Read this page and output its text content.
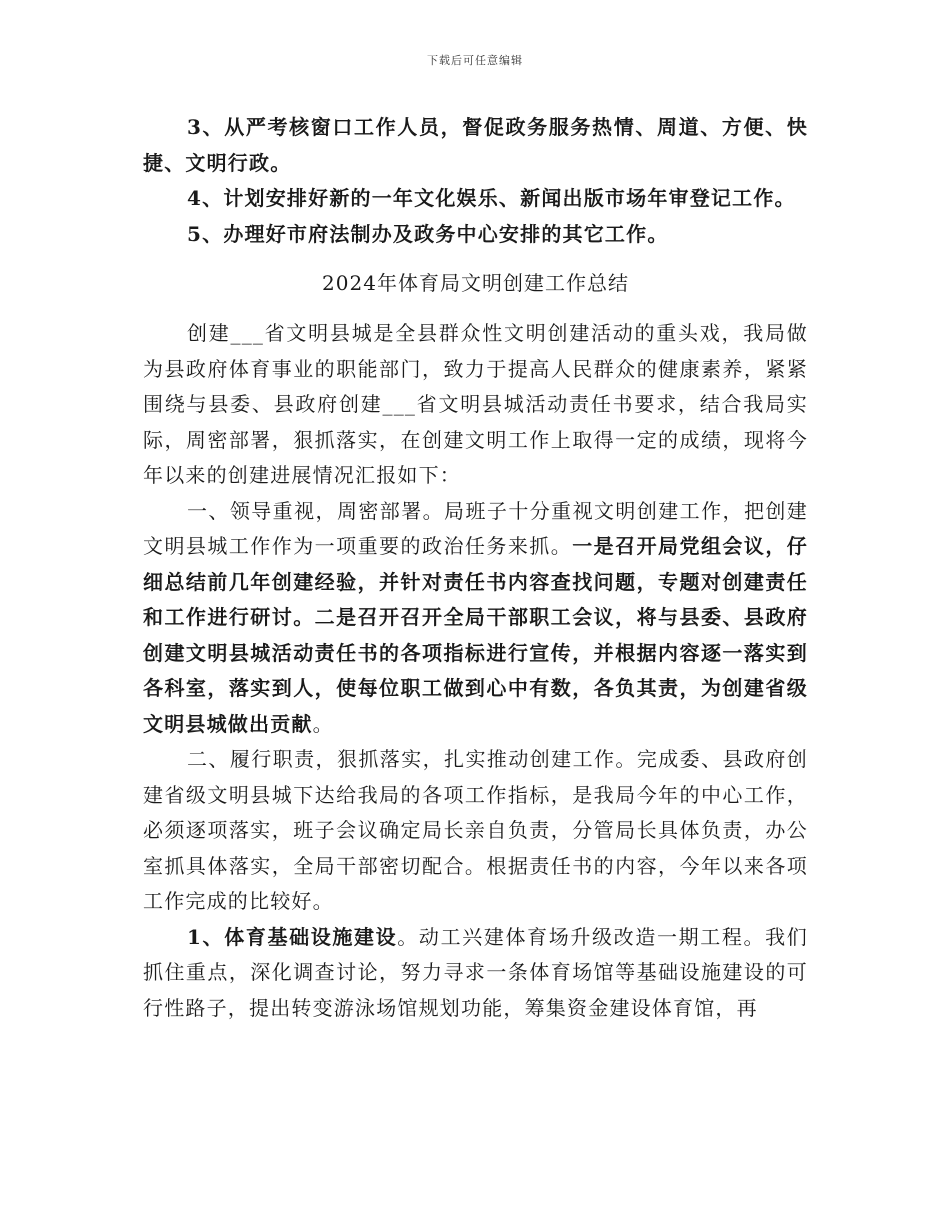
下载后可任意编辑

3、从严考核窗口工作人员，督促政务服务热情、周道、方便、快捷、文明行政。

4、计划安排好新的一年文化娱乐、新闻出版市场年审登记工作。

5、办理好市府法制办及政务中心安排的其它工作。

2024年体育局文明创建工作总结

创建___省文明县城是全县群众性文明创建活动的重头戏，我局做为县政府体育事业的职能部门，致力于提高人民群众的健康素养，紧紧围绕与县委、县政府创建___省文明县城活动责任书要求，结合我局实际，周密部署，狠抓落实，在创建文明工作上取得一定的成绩，现将今年以来的创建进展情况汇报如下：

一、领导重视，周密部署。局班子十分重视文明创建工作，把创建文明县城工作作为一项重要的政治任务来抓。一是召开局党组会议，仔细总结前几年创建经验，并针对责任书内容查找问题，专题对创建责任和工作进行研讨。二是召开召开全局干部职工会议，将与县委、县政府创建文明县城活动责任书的各项指标进行宣传，并根据内容逐一落实到各科室，落实到人，使每位职工做到心中有数，各负其责，为创建省级文明县城做出贡献。

二、履行职责，狠抓落实，扎实推动创建工作。完成委、县政府创建省级文明县城下达给我局的各项工作指标，是我局今年的中心工作，必须逐项落实，班子会议确定局长亲自负责，分管局长具体负责，办公室抓具体落实，全局干部密切配合。根据责任书的内容，今年以来各项工作完成的比较好。

1、体育基础设施建设。动工兴建体育场升级改造一期工程。我们抓住重点，深化调查讨论，努力寻求一条体育场馆等基础设施建设的可行性路子，提出转变游泳场馆规划功能，筹集资金建设体育馆，再
